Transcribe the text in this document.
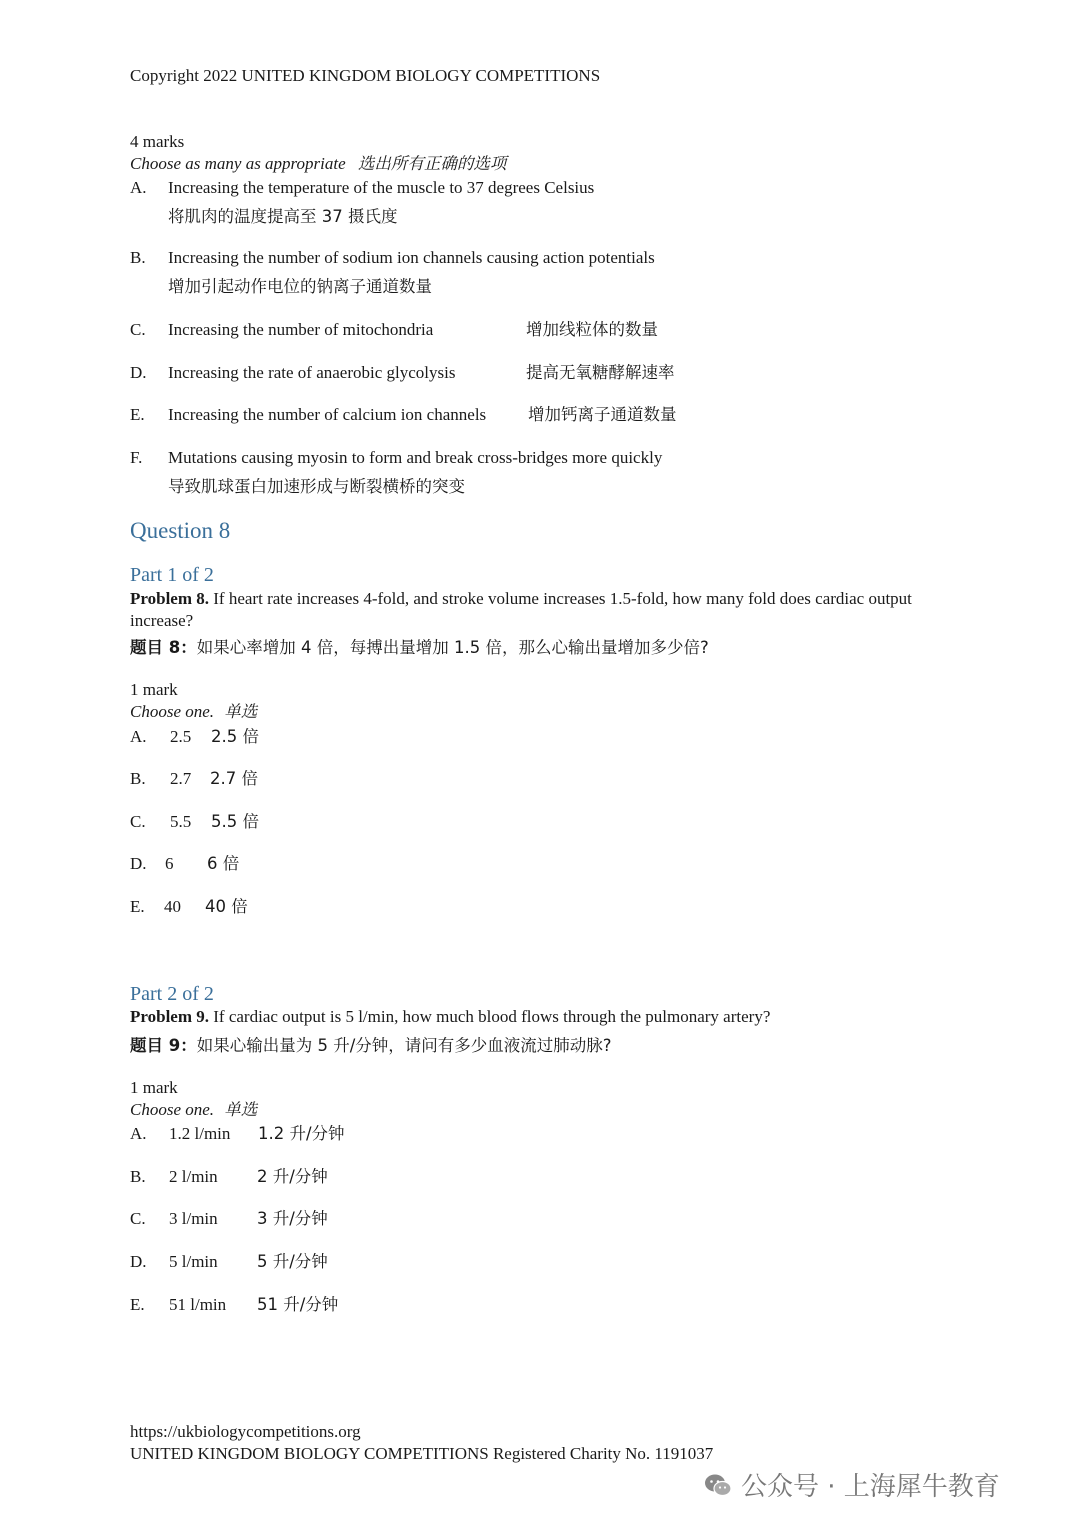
Copyright 2022 UNITED KINGDOM BIOLOGY COMPETITIONS
4 marks
Choose as many as appropriate 选出所有正确的选项
A. Increasing the temperature of the muscle to 37 degrees Celsius
将肌肉的温度提高至 37 摄氏度
B. Increasing the number of sodium ion channels causing action potentials
增加引起动作电位的钠离子通道数量
C. Increasing the number of mitochondria	增加线粒体的数量
D. Increasing the rate of anaerobic glycolysis	提高无氧糖酵解速率
E. Increasing the number of calcium ion channels	增加钙离子通道数量
F. Mutations causing myosin to form and break cross-bridges more quickly
导致肌球蛋白加速形成与断裂横桥的突变
Question 8
Part 1 of 2
Problem 8. If heart rate increases 4-fold, and stroke volume increases 1.5-fold, how many fold does cardiac output increase?
题目 8：如果心率增加 4 倍，每搏出量增加 1.5 倍，那么心输出量增加多少倍?
1 mark
Choose one. 单选
A. 2.5 2.5 倍
B. 2.7 2.7 倍
C. 5.5 5.5 倍
D. 6 6 倍
E. 40 40 倍
Part 2 of 2
Problem 9. If cardiac output is 5 l/min, how much blood flows through the pulmonary artery?
题目 9：如果心输出量为 5 升/分钟，请问有多少血液流过肺动脉?
1 mark
Choose one. 单选
A. 1.2 l/min 1.2 升/分钟
B. 2 l/min 2 升/分钟
C. 3 l/min 3 升/分钟
D. 5 l/min 5 升/分钟
E. 51 l/min 51 升/分钟
https://ukbiologycompetitions.org
UNITED KINGDOM BIOLOGY COMPETITIONS Registered Charity No. 1191037
公众号 · 上海犀牛教育
